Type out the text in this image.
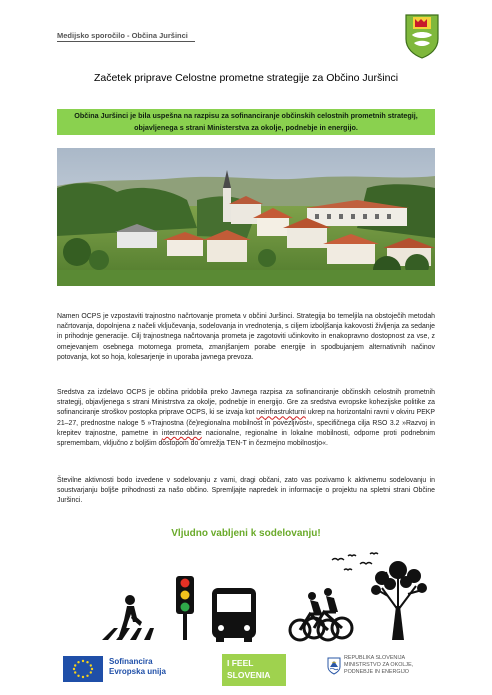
Medijsko sporočilo - Občina Juršinci
Začetek priprave Celostne prometne strategije za Občino Juršinci
Občina Juršinci je bila uspešna na razpisu za sofinanciranje občinskih celostnih prometnih strategij,
objavljenega s strani Ministerstva za okolje, podnebje in energijo.
Namen OCPS je vzpostaviti trajnostno načrtovanje prometa v občini Juršinci. Strategija bo temeljila na obstoječih metodah načrtovanja, dopolnjena z načeli vključevanja, sodelovanja in vrednotenja, s ciljem izboljšanja kakovosti življenja za sedanje in prihodnje generacije. Cilj trajnostnega načrtovanja prometa je zagotoviti učinkovito in enakopravno dostopnost za vse, z omejevanjem osebnega motornega prometa, zmanjšanjem porabe energije in spodbujanjem alternativnih načinov potovanja, kot so hoja, kolesarjenje in uporaba javnega prevoza.
Sredstva za izdelavo OCPS je občina pridobila preko Javnega razpisa za sofinanciranje občinskih celostnih prometnih strategij, objavljenega s strani Ministrstva za okolje, podnebje in energijo. Gre za sredstva evropske kohezijske politike za sofinanciranje stroškov postopka priprave OCPS, ki se izvaja kot neinfrastrukturni ukrep na horizontalni ravni v okviru PEKP 21–27, prednostne naloge 5 »Trajnostna (če)regionalna mobilnost in povezljivost«, specifičnega cilja RSO 3.2 »Razvoj in krepitev trajnostne, pametne in intermodalne nacionalne, regionalne in lokalne mobilnosti, odporne proti podnebnim spremembam, vključno z boljšim dostopom do omrežja TEN-T in čezmejno mobilnostjo«.
Številne aktivnosti bodo izvedene v sodelovanju z vami, dragi občani, zato vas pozivamo k aktivnemu sodelovanju in soustvarjanju boljše prihodnosti za našo občino. Spremljajte napredek in informacije o projektu na spletni strani Občine Juršinci.
Vljudno vabljeni k sodelovanju!
Sofinancira
Evropska unija
I FEEL
SLOVENIA
REPUBLIKA SLOVENIJA
MINISTRSTVO ZA OKOLJE,
PODNEBJE IN ENERGIJO
